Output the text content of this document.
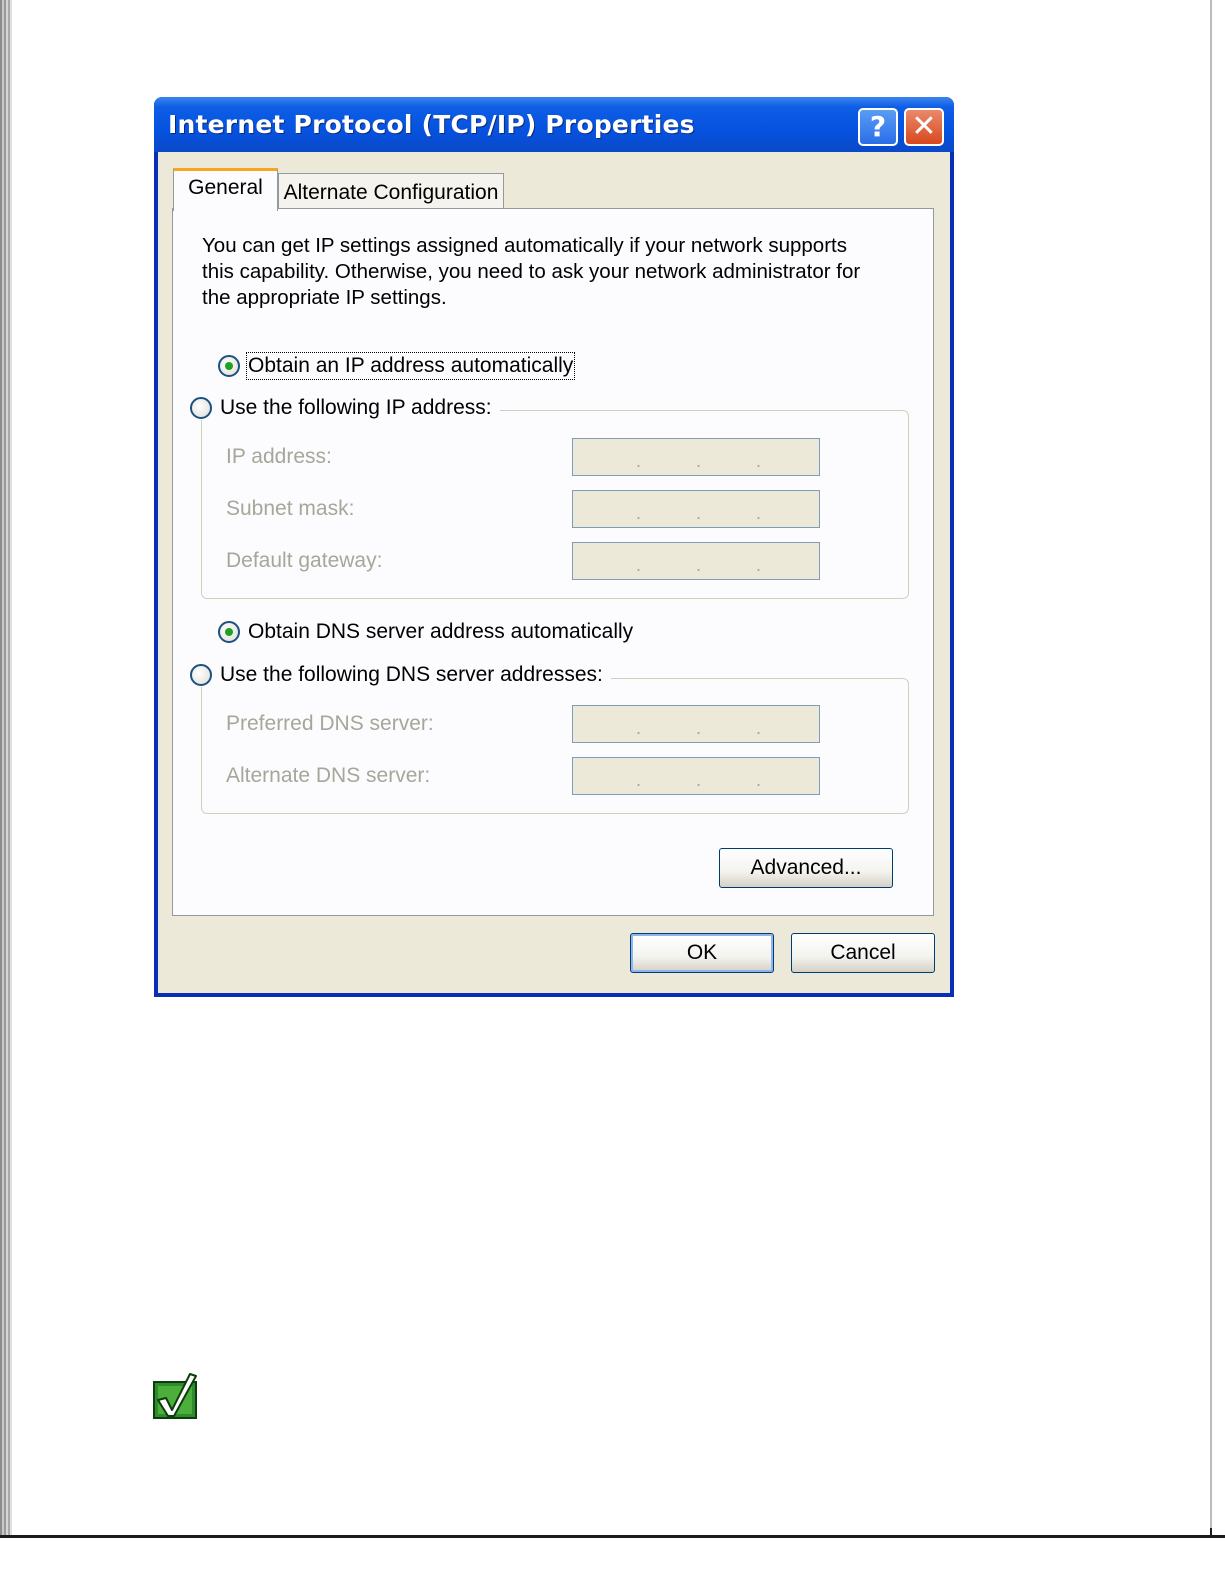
Internet Protocol (TCP/IP) Properties	? ✕
General Alternate Configuration
You can get IP settings assigned automatically if your network supports
this capability. Otherwise, you need to ask your network administrator for
the appropriate IP settings.
Obtain an IP address automatically
IP address:	.	.	.
Subnet mask:	.	.	.
Default gateway:	.	.	.
Use the following IP address:
Obtain DNS server address automatically
Preferred DNS server:	.	.	.
Alternate DNS server:	.	.	.
Use the following DNS server addresses:
Advanced...
OK	Cancel
